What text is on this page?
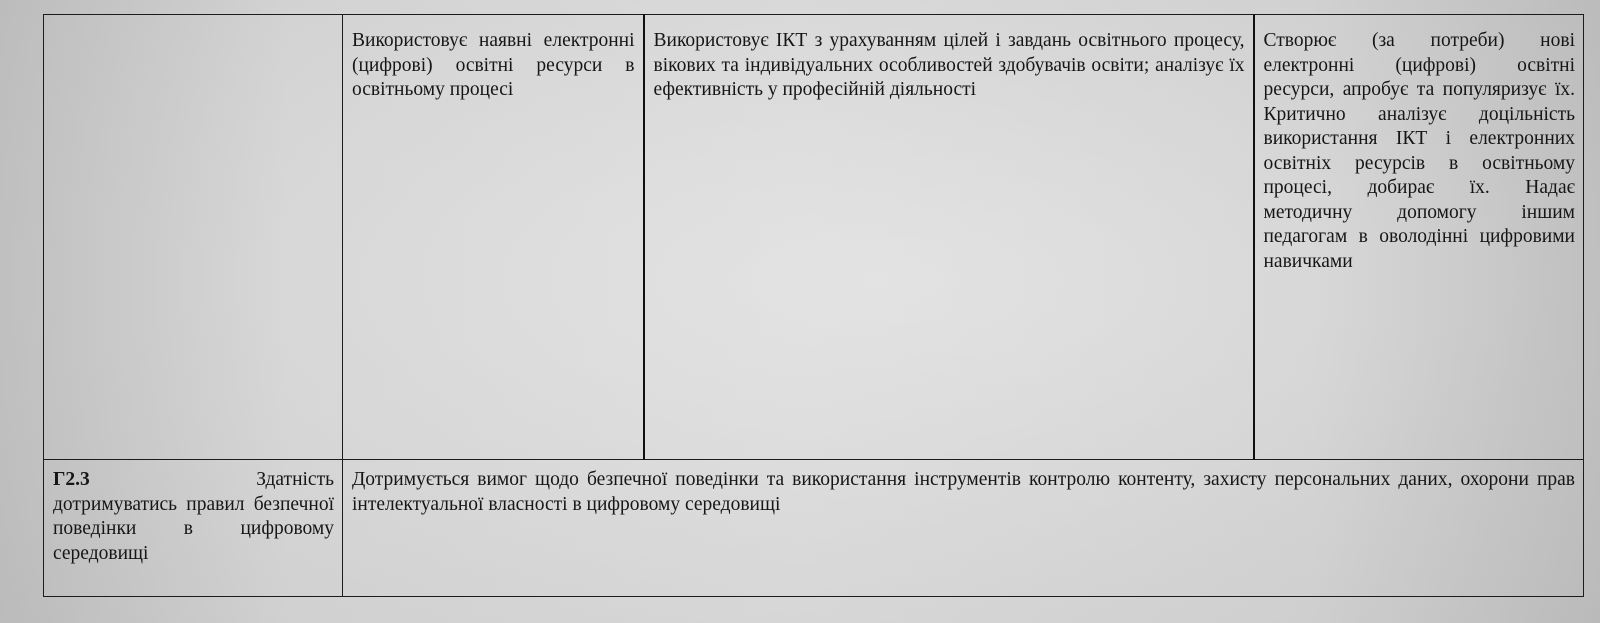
	Використовує наявні електронні (цифрові) освітні ресурси в освітньому процесі	Використовує ІКТ з урахуванням цілей і завдань освітнього процесу, вікових та індивідуальних особливостей здобувачів освіти; аналізує їх ефективність у професійній діяльності	Створює (за потреби) нові електронні (цифрові) освітні ресурси, апробує та популяризує їх. Критично аналізує доцільність використання ІКТ і електронних освітніх ресурсів в освітньому процесі, добирає їх. Надає методичну допомогу іншим педагогам в оволодінні цифровими навичками

Г2.3 Здатність
дотримуватись правил безпечної поведінки в цифровому середовищі	Дотримується вимог щодо безпечної поведінки та використання інструментів контролю контенту, захисту персональних даних, охорони прав інтелектуальної власності в цифровому середовищі		
